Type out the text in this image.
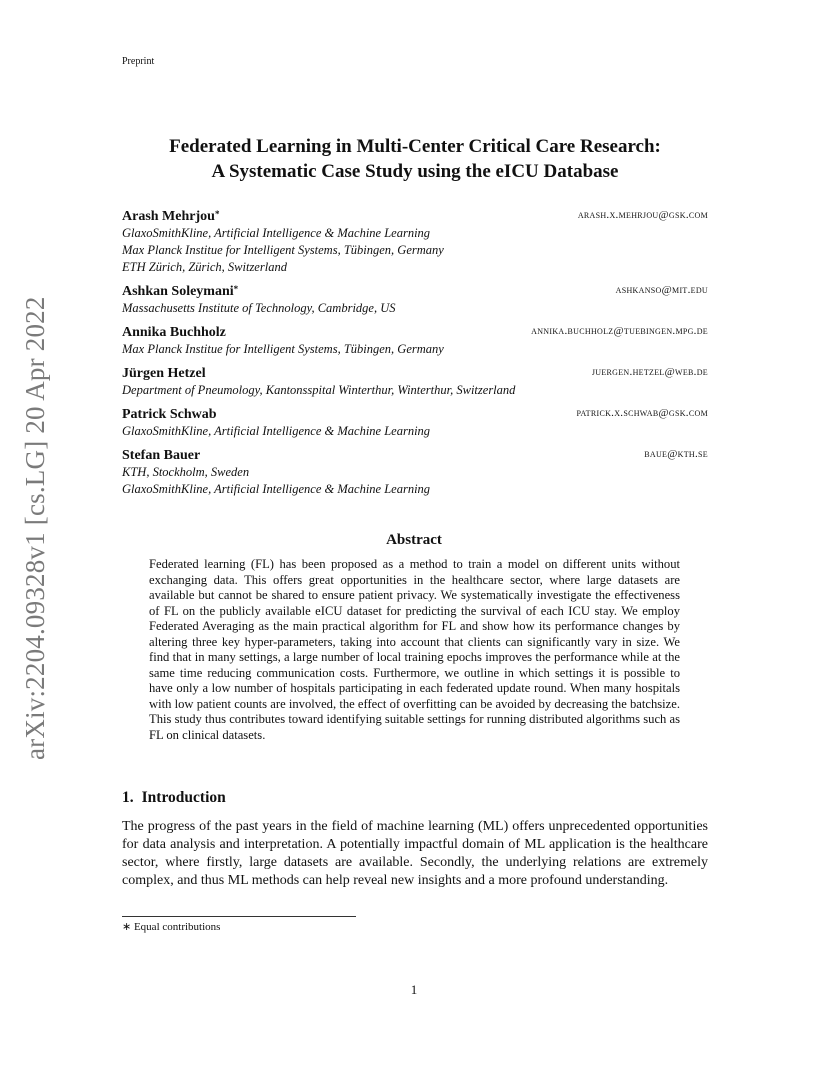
Preprint
arXiv:2204.09328v1 [cs.LG] 20 Apr 2022
Federated Learning in Multi-Center Critical Care Research:
A Systematic Case Study using the eICU Database
Arash Mehrjou*	arash.x.mehrjou@gsk.com
GlaxoSmithKline, Artificial Intelligence & Machine Learning
Max Planck Institue for Intelligent Systems, Tübingen, Germany
ETH Zürich, Zürich, Switzerland
Ashkan Soleymani*	ashkanso@mit.edu
Massachusetts Institute of Technology, Cambridge, US
Annika Buchholz	annika.buchholz@tuebingen.mpg.de
Max Planck Institue for Intelligent Systems, Tübingen, Germany
Jürgen Hetzel	juergen.hetzel@web.de
Department of Pneumology, Kantonsspital Winterthur, Winterthur, Switzerland
Patrick Schwab	patrick.x.schwab@gsk.com
GlaxoSmithKline, Artificial Intelligence & Machine Learning
Stefan Bauer	baue@kth.se
KTH, Stockholm, Sweden
GlaxoSmithKline, Artificial Intelligence & Machine Learning
Abstract
Federated learning (FL) has been proposed as a method to train a model on different units without exchanging data. This offers great opportunities in the healthcare sector, where large datasets are available but cannot be shared to ensure patient privacy. We systematically investigate the effectiveness of FL on the publicly available eICU dataset for predicting the survival of each ICU stay. We employ Federated Averaging as the main practical algorithm for FL and show how its performance changes by altering three key hyper-parameters, taking into account that clients can significantly vary in size. We find that in many settings, a large number of local training epochs improves the performance while at the same time reducing communication costs. Furthermore, we outline in which settings it is possible to have only a low number of hospitals participating in each federated update round. When many hospitals with low patient counts are involved, the effect of overfitting can be avoided by decreasing the batchsize. This study thus contributes toward identifying suitable settings for running distributed algorithms such as FL on clinical datasets.
1. Introduction
The progress of the past years in the field of machine learning (ML) offers unprecedented opportunities for data analysis and interpretation. A potentially impactful domain of ML application is the healthcare sector, where firstly, large datasets are available. Secondly, the underlying relations are extremely complex, and thus ML methods can help reveal new insights and a more profound understanding.
∗ Equal contributions
1
